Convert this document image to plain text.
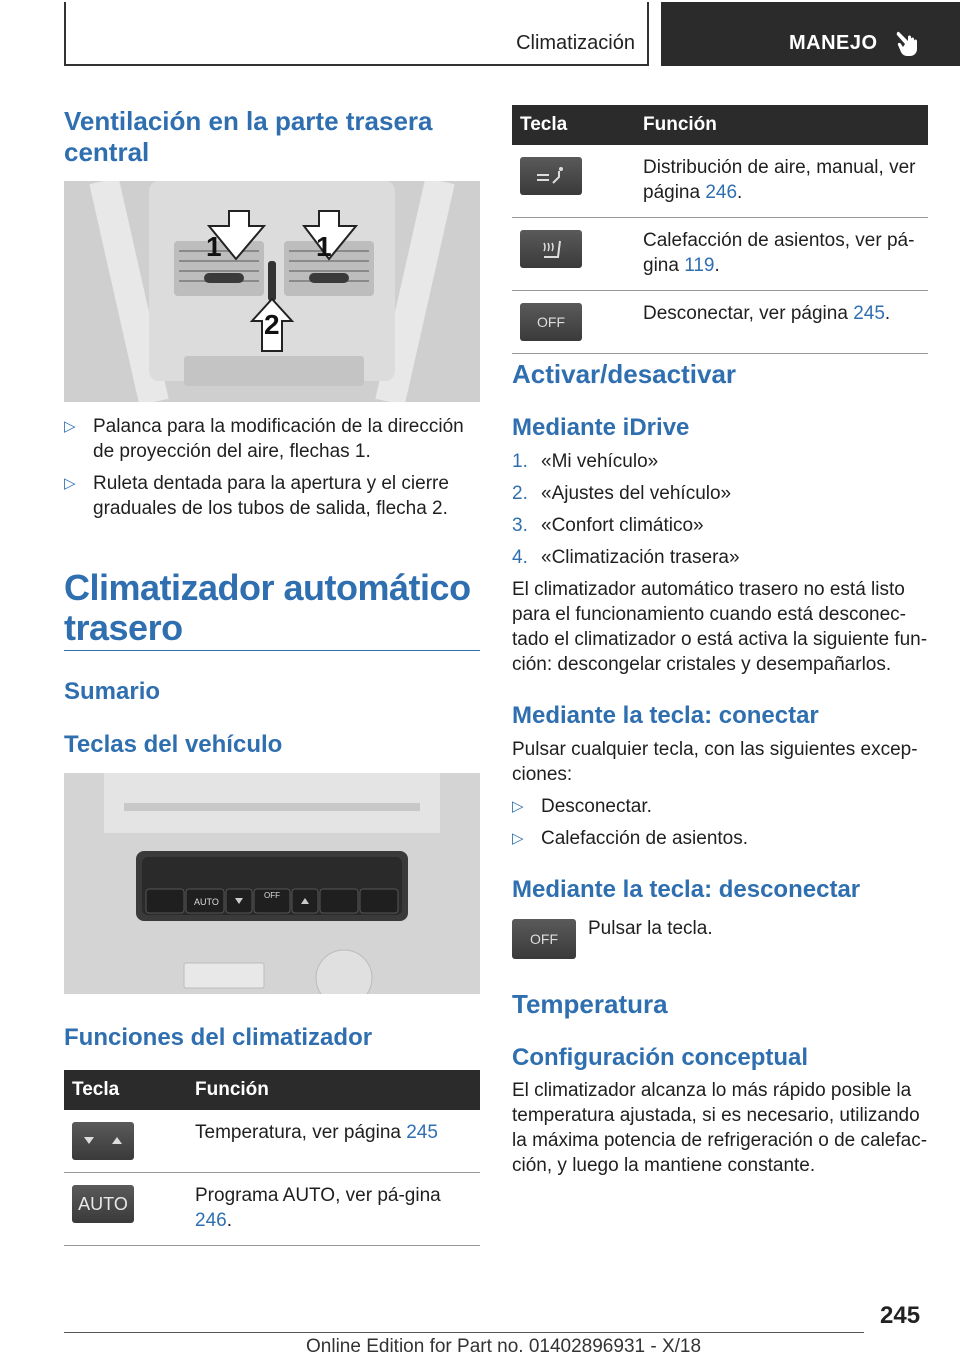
Climatización	MANEJO
Ventilación en la parte trasera central
1	1
2
▷ Palanca para la modificación de la dirección de proyección del aire, flechas 1.
▷ Ruleta dentada para la apertura y el cierre graduales de los tubos de salida, flecha 2.
Climatizador automático trasero
Sumario
Teclas del vehículo
AUTO
OFF
Funciones del climatizador
Tecla	Función

	Temperatura, ver página 245

AUTO	Programa AUTO, ver pá-gina 246.
Tecla	Función

	Distribución de aire, manual, ver página 246.

	Calefacción de asientos, ver pá-gina 119.

OFF	Desconectar, ver página 245.
Activar/desactivar
Mediante iDrive
1. «Mi vehículo»
2. «Ajustes del vehículo»
3. «Confort climático»
4. «Climatización trasera»

El climatizador automático trasero no está listo para el funcionamiento cuando está desconec-tado el climatizador o está activa la siguiente fun-ción: descongelar cristales y desempañarlos.

Mediante la tecla: conectar

Pulsar cualquier tecla, con las siguientes excep-ciones:

▷ Desconectar.
▷ Calefacción de asientos.
Mediante la tecla: desconectar
OFF	Pulsar la tecla.

Temperatura
Configuración conceptual

El climatizador alcanza lo más rápido posible la temperatura ajustada, si es necesario, utilizando la máxima potencia de refrigeración o de calefac-ción, y luego la mantiene constante.

245
Online Edition for Part no. 01402896931 - X/18
